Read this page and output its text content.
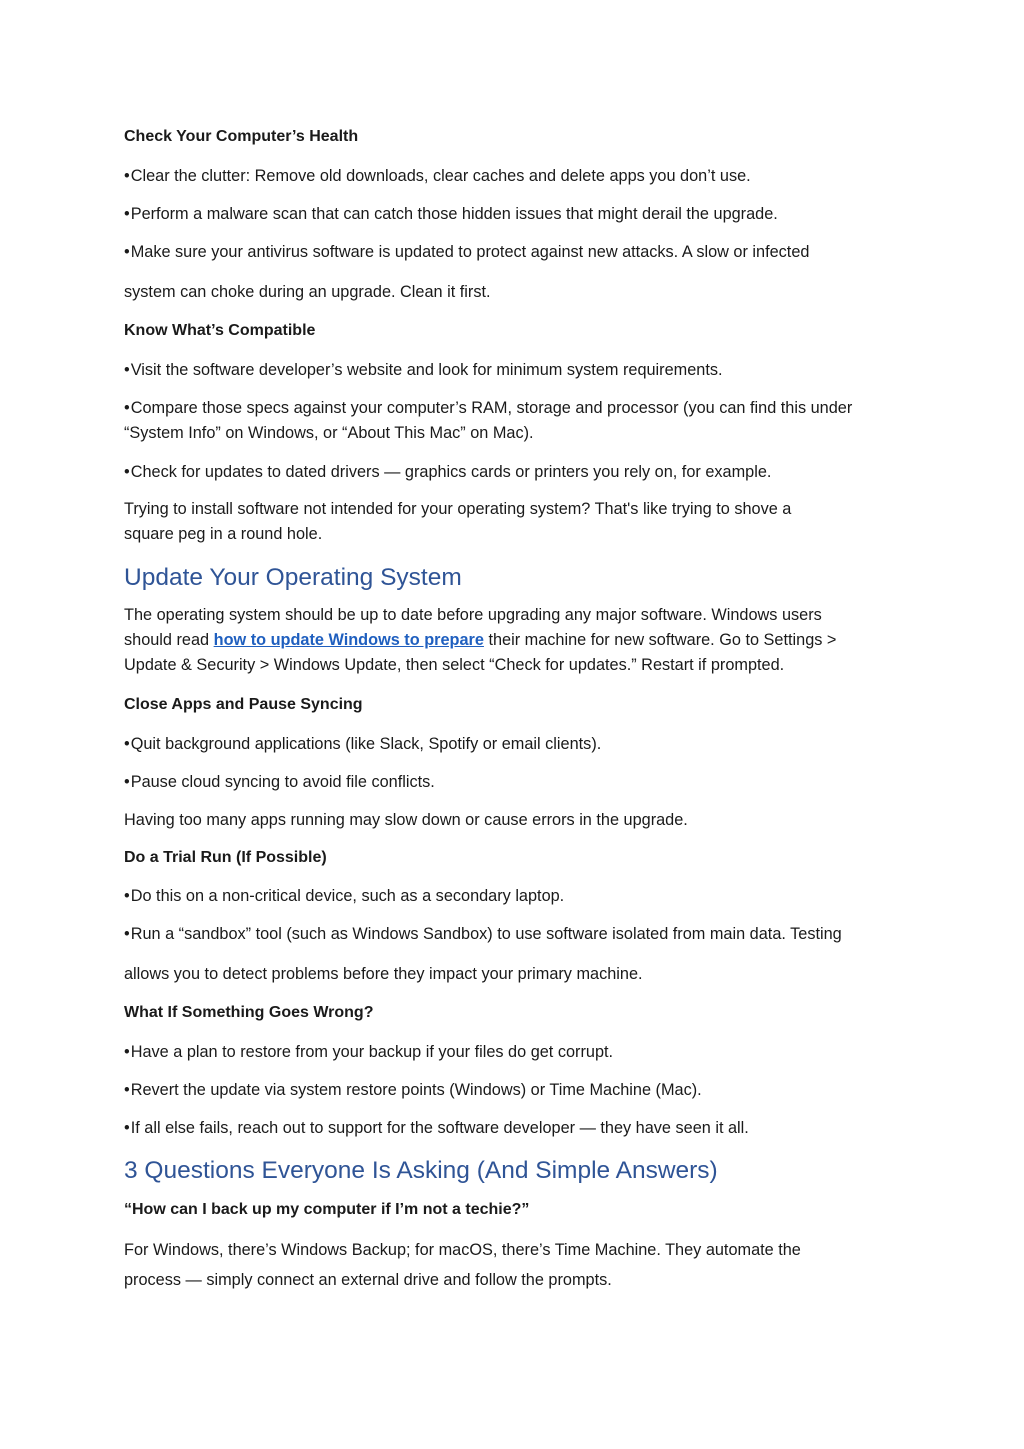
Check Your Computer’s Health
•Clear the clutter: Remove old downloads, clear caches and delete apps you don’t use.
•Perform a malware scan that can catch those hidden issues that might derail the upgrade.
•Make sure your antivirus software is updated to protect against new attacks. A slow or infected
system can choke during an upgrade. Clean it first.
Know What’s Compatible
•Visit the software developer’s website and look for minimum system requirements.
•Compare those specs against your computer’s RAM, storage and processor (you can find this under
“System Info” on Windows, or “About This Mac” on Mac).
•Check for updates to dated drivers — graphics cards or printers you rely on, for example.
Trying to install software not intended for your operating system? That's like trying to shove a
square peg in a round hole.
Update Your Operating System
The operating system should be up to date before upgrading any major software. Windows users
should read how to update Windows to prepare their machine for new software. Go to Settings >
Update & Security > Windows Update, then select “Check for updates.” Restart if prompted.
Close Apps and Pause Syncing
•Quit background applications (like Slack, Spotify or email clients).
•Pause cloud syncing to avoid file conflicts.
Having too many apps running may slow down or cause errors in the upgrade.
Do a Trial Run (If Possible)
•Do this on a non-critical device, such as a secondary laptop.
•Run a “sandbox” tool (such as Windows Sandbox) to use software isolated from main data. Testing
allows you to detect problems before they impact your primary machine.
What If Something Goes Wrong?
•Have a plan to restore from your backup if your files do get corrupt.
•Revert the update via system restore points (Windows) or Time Machine (Mac).
•If all else fails, reach out to support for the software developer — they have seen it all.
3 Questions Everyone Is Asking (And Simple Answers)
“How can I back up my computer if I’m not a techie?”
For Windows, there’s Windows Backup; for macOS, there’s Time Machine. They automate the
process — simply connect an external drive and follow the prompts.
